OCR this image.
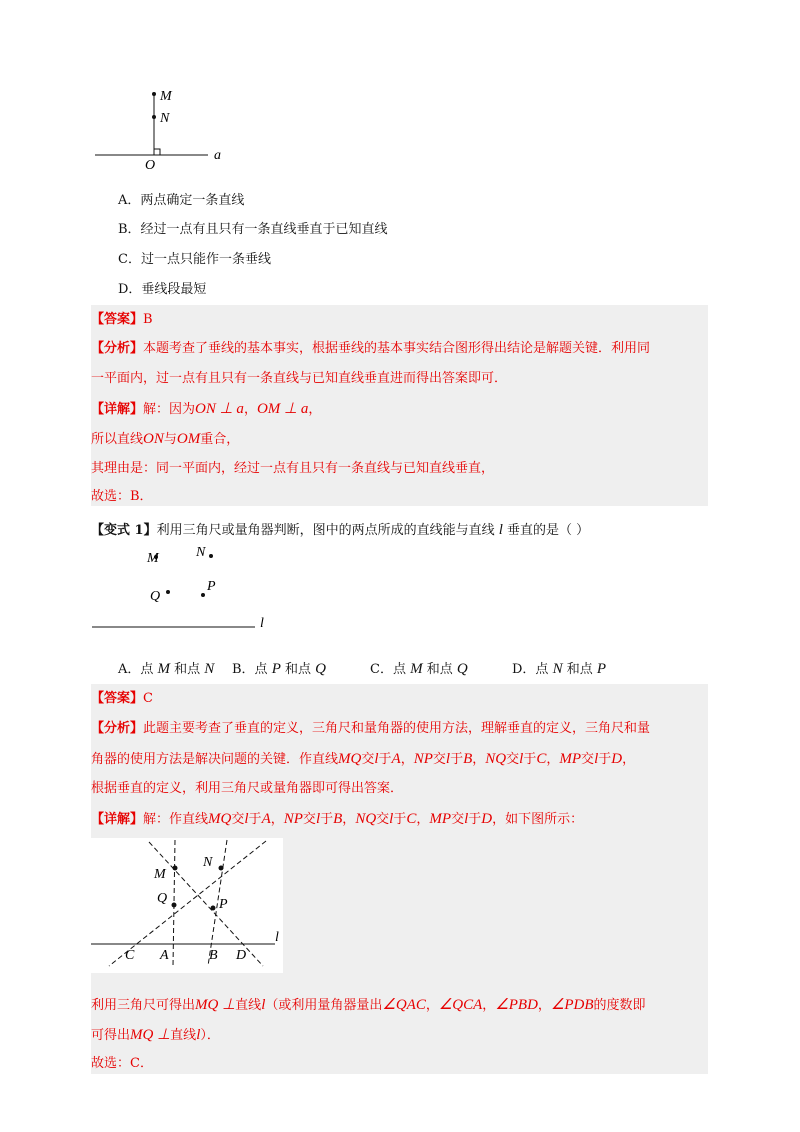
M
N
O
a
A．两点确定一条直线
B．经过一点有且只有一条直线垂直于已知直线
C．过一点只能作一条垂线
D．垂线段最短
【答案】B
【分析】本题考查了垂线的基本事实，根据垂线的基本事实结合图形得出结论是解题关键．利用同
一平面内，过一点有且只有一条直线与已知直线垂直进而得出答案即可．
【详解】解：因为ON ⊥ a，OM ⊥ a，
所以直线ON与OM重合，
其理由是：同一平面内，经过一点有且只有一条直线与已知直线垂直，
故选：B．
【变式 1】利用三角尺或量角器判断，图中的两点所成的直线能与直线 l 垂直的是（ ）
M	N
Q
P
l
A．点 M 和点 N B．点 P 和点 Q	C．点 M 和点 Q	D．点 N 和点 P
【答案】C
【分析】此题主要考查了垂直的定义，三角尺和量角器的使用方法，理解垂直的定义，三角尺和量
角器的使用方法是解决问题的关键．作直线MQ交l于A，NP交l于B，NQ交l于C，MP交l于D，
根据垂直的定义，利用三角尺或量角器即可得出答案．
【详解】解：作直线MQ交l于A，NP交l于B，NQ交l于C，MP交l于D，如下图所示：
M
N
Q	P
l
C A	B D
利用三角尺可得出MQ ⊥直线l（或利用量角器量出∠QAC，∠QCA，∠PBD，∠PDB的度数即
可得出MQ ⊥直线l）．
故选：C．
